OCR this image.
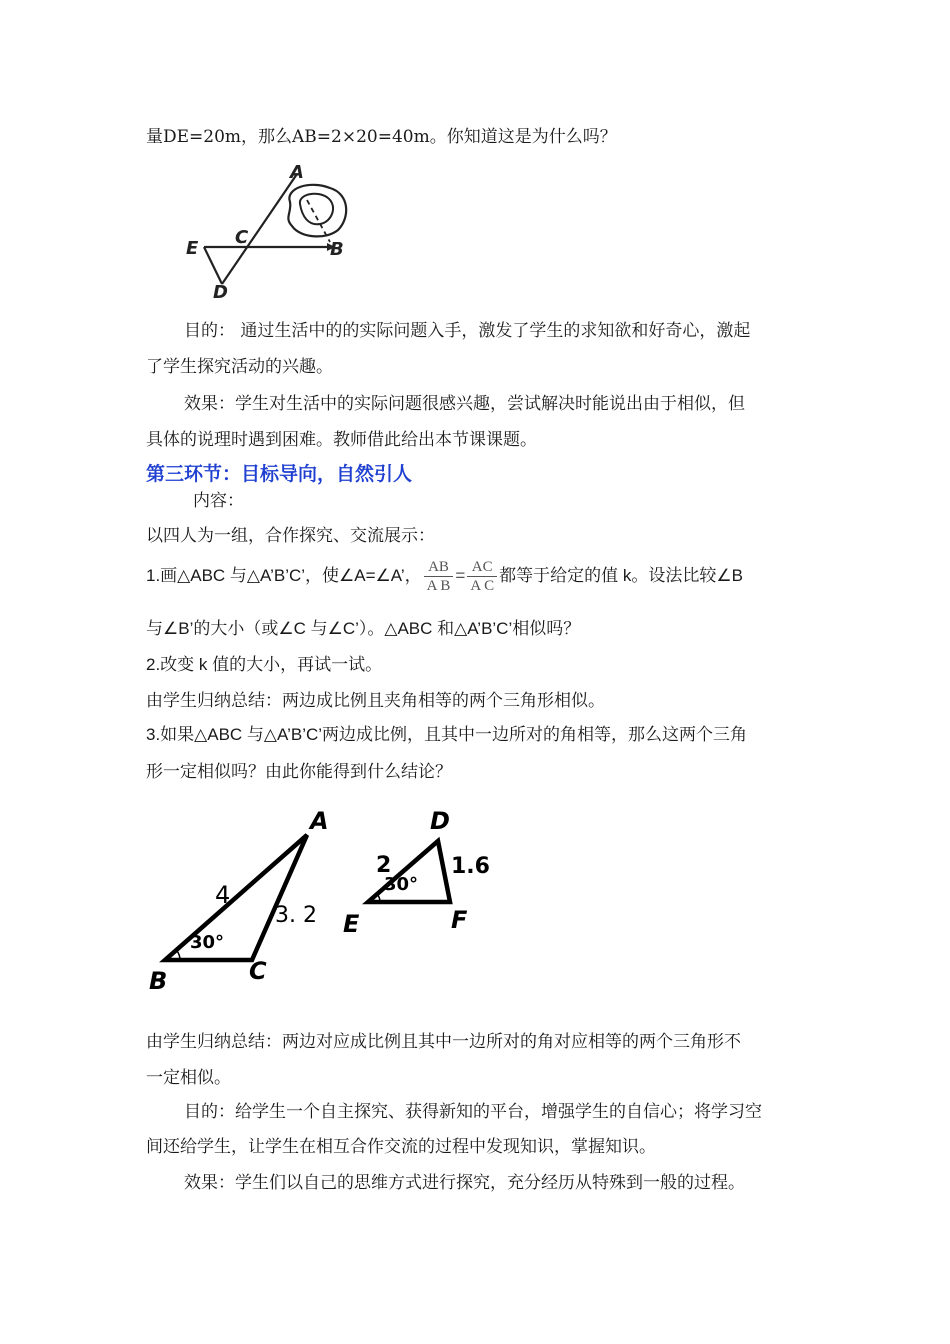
量DE=20m，那么AB=2×20=40m。你知道这是为什么吗？
A
B
C
D
E
目的： 通过生活中的的实际问题入手，激发了学生的求知欲和好奇心，激起
了学生探究活动的兴趣。
效果：学生对生活中的实际问题很感兴趣，尝试解决时能说出由于相似，但
具体的说理时遇到困难。教师借此给出本节课课题。
第三环节：目标导向，自然引人
内容：
以四人为一组，合作探究、交流展示：
1.画△ABC 与△A’B’C’，使∠A=∠A’， $\frac{AB}{\text{A B}} = \frac{AC}{\text{A C}}$ 都等于给定的值 k。设法比较∠B
与∠B’的大小（或∠C 与∠C’）。△ABC 和△A’B’C’相似吗？
2.改变 k 值的大小，再试一试。
由学生归纳总结：两边成比例且夹角相等的两个三角形相似。
3.如果△ABC 与△A’B’C’两边成比例，且其中一边所对的角相等，那么这两个三角
形一定相似吗？由此你能得到什么结论？
A
B	C
4
3. 2
30°
D
E	F
2	1.6
30°
由学生归纳总结：两边对应成比例且其中一边所对的角对应相等的两个三角形不
一定相似。
目的：给学生一个自主探究、获得新知的平台，增强学生的自信心；将学习空
间还给学生，让学生在相互合作交流的过程中发现知识，掌握知识。
效果：学生们以自己的思维方式进行探究，充分经历从特殊到一般的过程。
